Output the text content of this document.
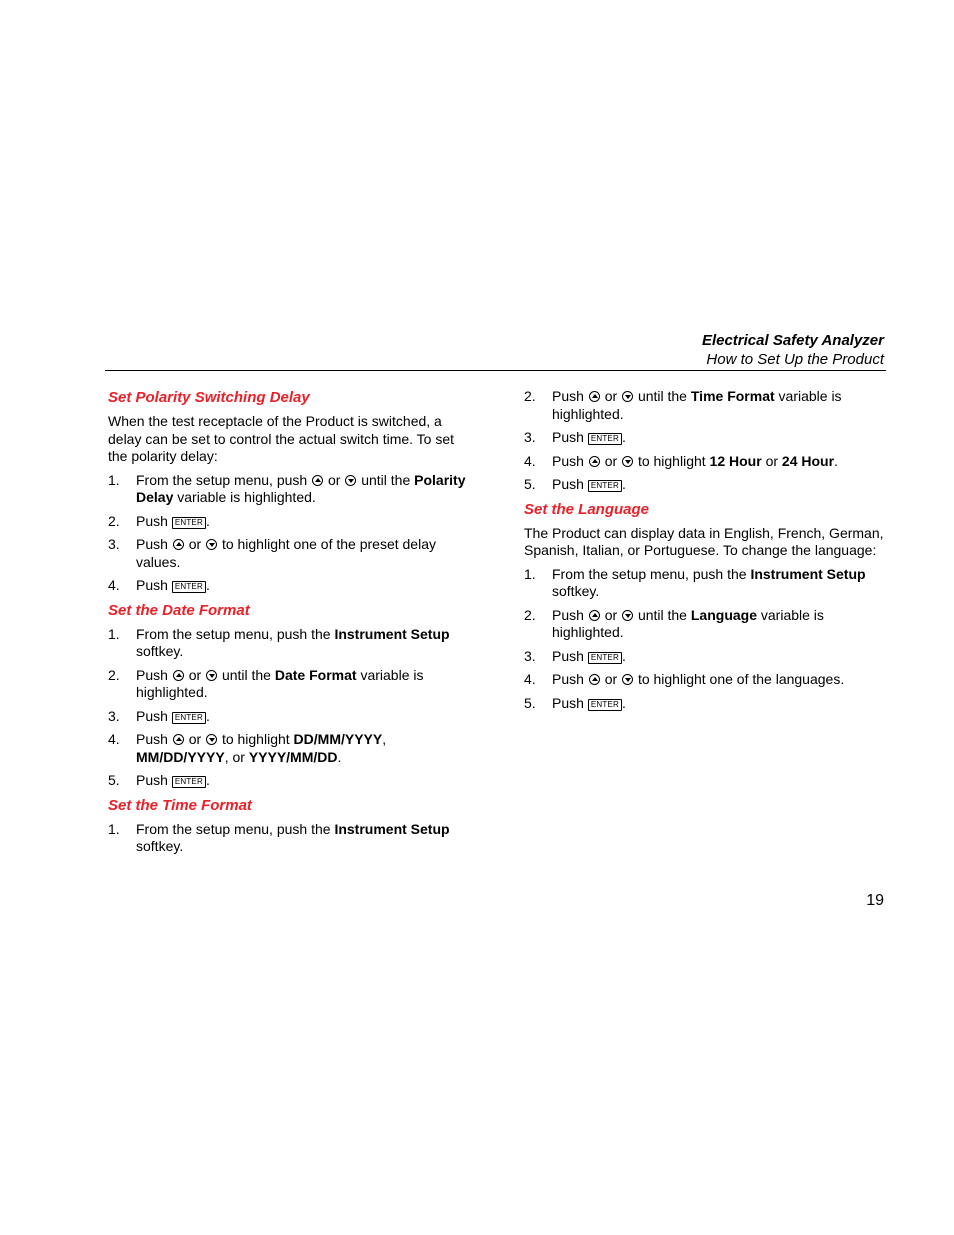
Electrical Safety Analyzer
How to Set Up the Product
Set Polarity Switching Delay

When the test receptacle of the Product is switched, a delay can be set to control the actual switch time. To set the polarity delay:

1. From the setup menu, push or until the Polarity Delay variable is highlighted.
2. Push ENTER .
3. Push or to highlight one of the preset delay values.
4. Push ENTER .
Set the Date Format
1. From the setup menu, push the Instrument Setup softkey.
2. Push or until the Date Format variable is highlighted.
3. Push ENTER .
4. Push or to highlight DD/MM/YYYY, MM/DD/YYYY, or YYYY/MM/DD.
5. Push ENTER .
Set the Time Format
1. From the setup menu, push the Instrument Setup softkey.
2. Push or until the Time Format variable is highlighted.
3. Push ENTER .
4. Push or to highlight 12 Hour or 24 Hour.
5. Push ENTER .
Set the Language

The Product can display data in English, French, German, Spanish, Italian, or Portuguese. To change the language:

1. From the setup menu, push the Instrument Setup softkey.
2. Push or until the Language variable is highlighted.
3. Push ENTER .
4. Push or to highlight one of the languages.
5. Push ENTER .
19
